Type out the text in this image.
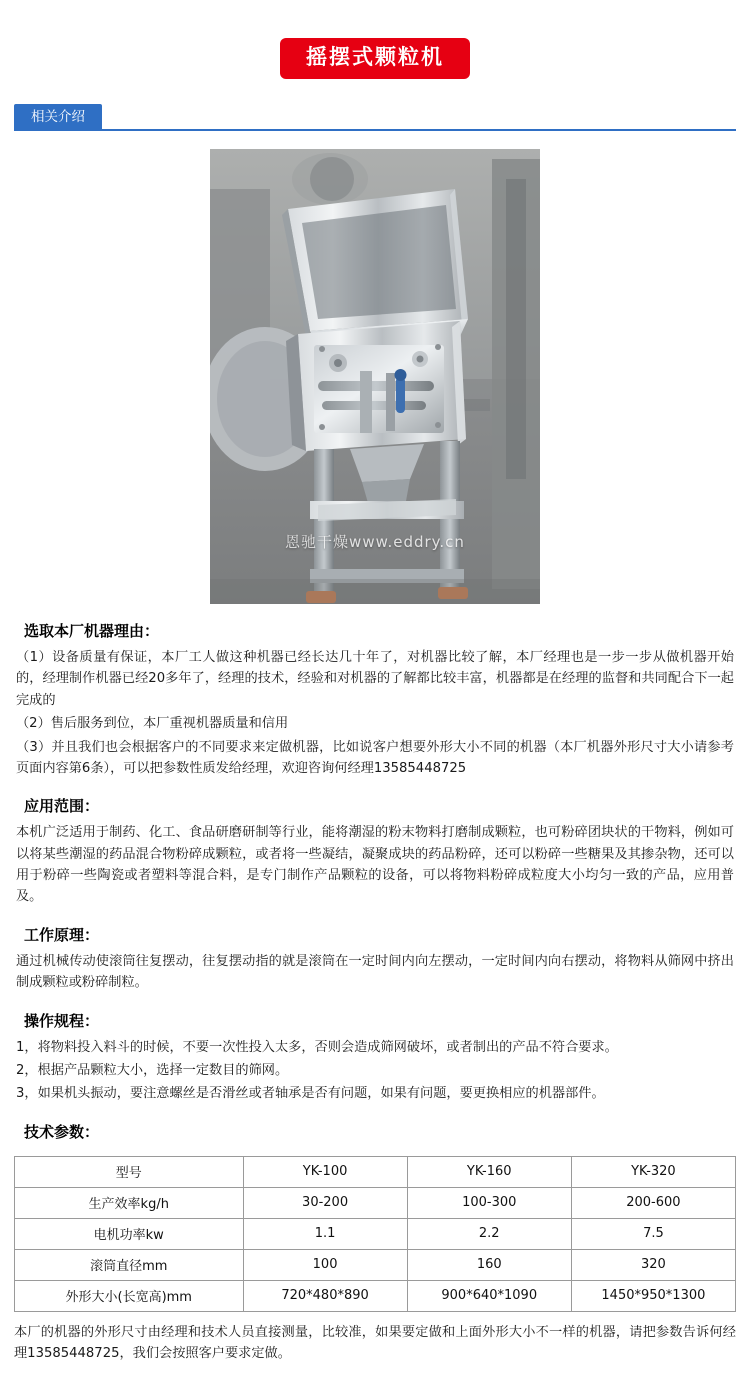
摇摆式颗粒机
相关介绍
恩驰干燥www.eddry.cn
选取本厂机器理由：

（1）设备质量有保证，本厂工人做这种机器已经长达几十年了，对机器比较了解，本厂经理也是一步一步从做机器开始的，经理制作机器已经20多年了，经理的技术，经验和对机器的了解都比较丰富，机器都是在经理的监督和共同配合下一起完成的

（2）售后服务到位，本厂重视机器质量和信用

（3）并且我们也会根据客户的不同要求来定做机器，比如说客户想要外形大小不同的机器（本厂机器外形尺寸大小请参考页面内容第6条），可以把参数性质发给经理，欢迎咨询何经理13585448725

应用范围：

本机广泛适用于制药、化工、食品研磨研制等行业，能将潮湿的粉末物料打磨制成颗粒，也可粉碎团块状的干物料，例如可以将某些潮湿的药品混合物粉碎成颗粒，或者将一些凝结，凝聚成块的药品粉碎，还可以粉碎一些糖果及其掺杂物，还可以用于粉碎一些陶瓷或者塑料等混合料，是专门制作产品颗粒的设备，可以将物料粉碎成粒度大小均匀一致的产品，应用普及。

工作原理：

通过机械传动使滚筒往复摆动，往复摆动指的就是滚筒在一定时间内向左摆动，一定时间内向右摆动，将物料从筛网中挤出制成颗粒或粉碎制粒。

操作规程：

1，将物料投入料斗的时候，不要一次性投入太多，否则会造成筛网破坏，或者制出的产品不符合要求。

2，根据产品颗粒大小，选择一定数目的筛网。

3，如果机头振动，要注意螺丝是否滑丝或者轴承是否有问题，如果有问题，要更换相应的机器部件。

技术参数：
型号	YK-100	YK-160	YK-320
生产效率kg/h	30-200	100-300	200-600
电机功率kw	1.1	2.2	7.5
滚筒直径mm	100	160	320
外形大小(长宽高)mm	720*480*890	900*640*1090	1450*950*1300

本厂的机器的外形尺寸由经理和技术人员直接测量，比较准，如果要定做和上面外形大小不一样的机器，请把参数告诉何经理13585448725，我们会按照客户要求定做。
